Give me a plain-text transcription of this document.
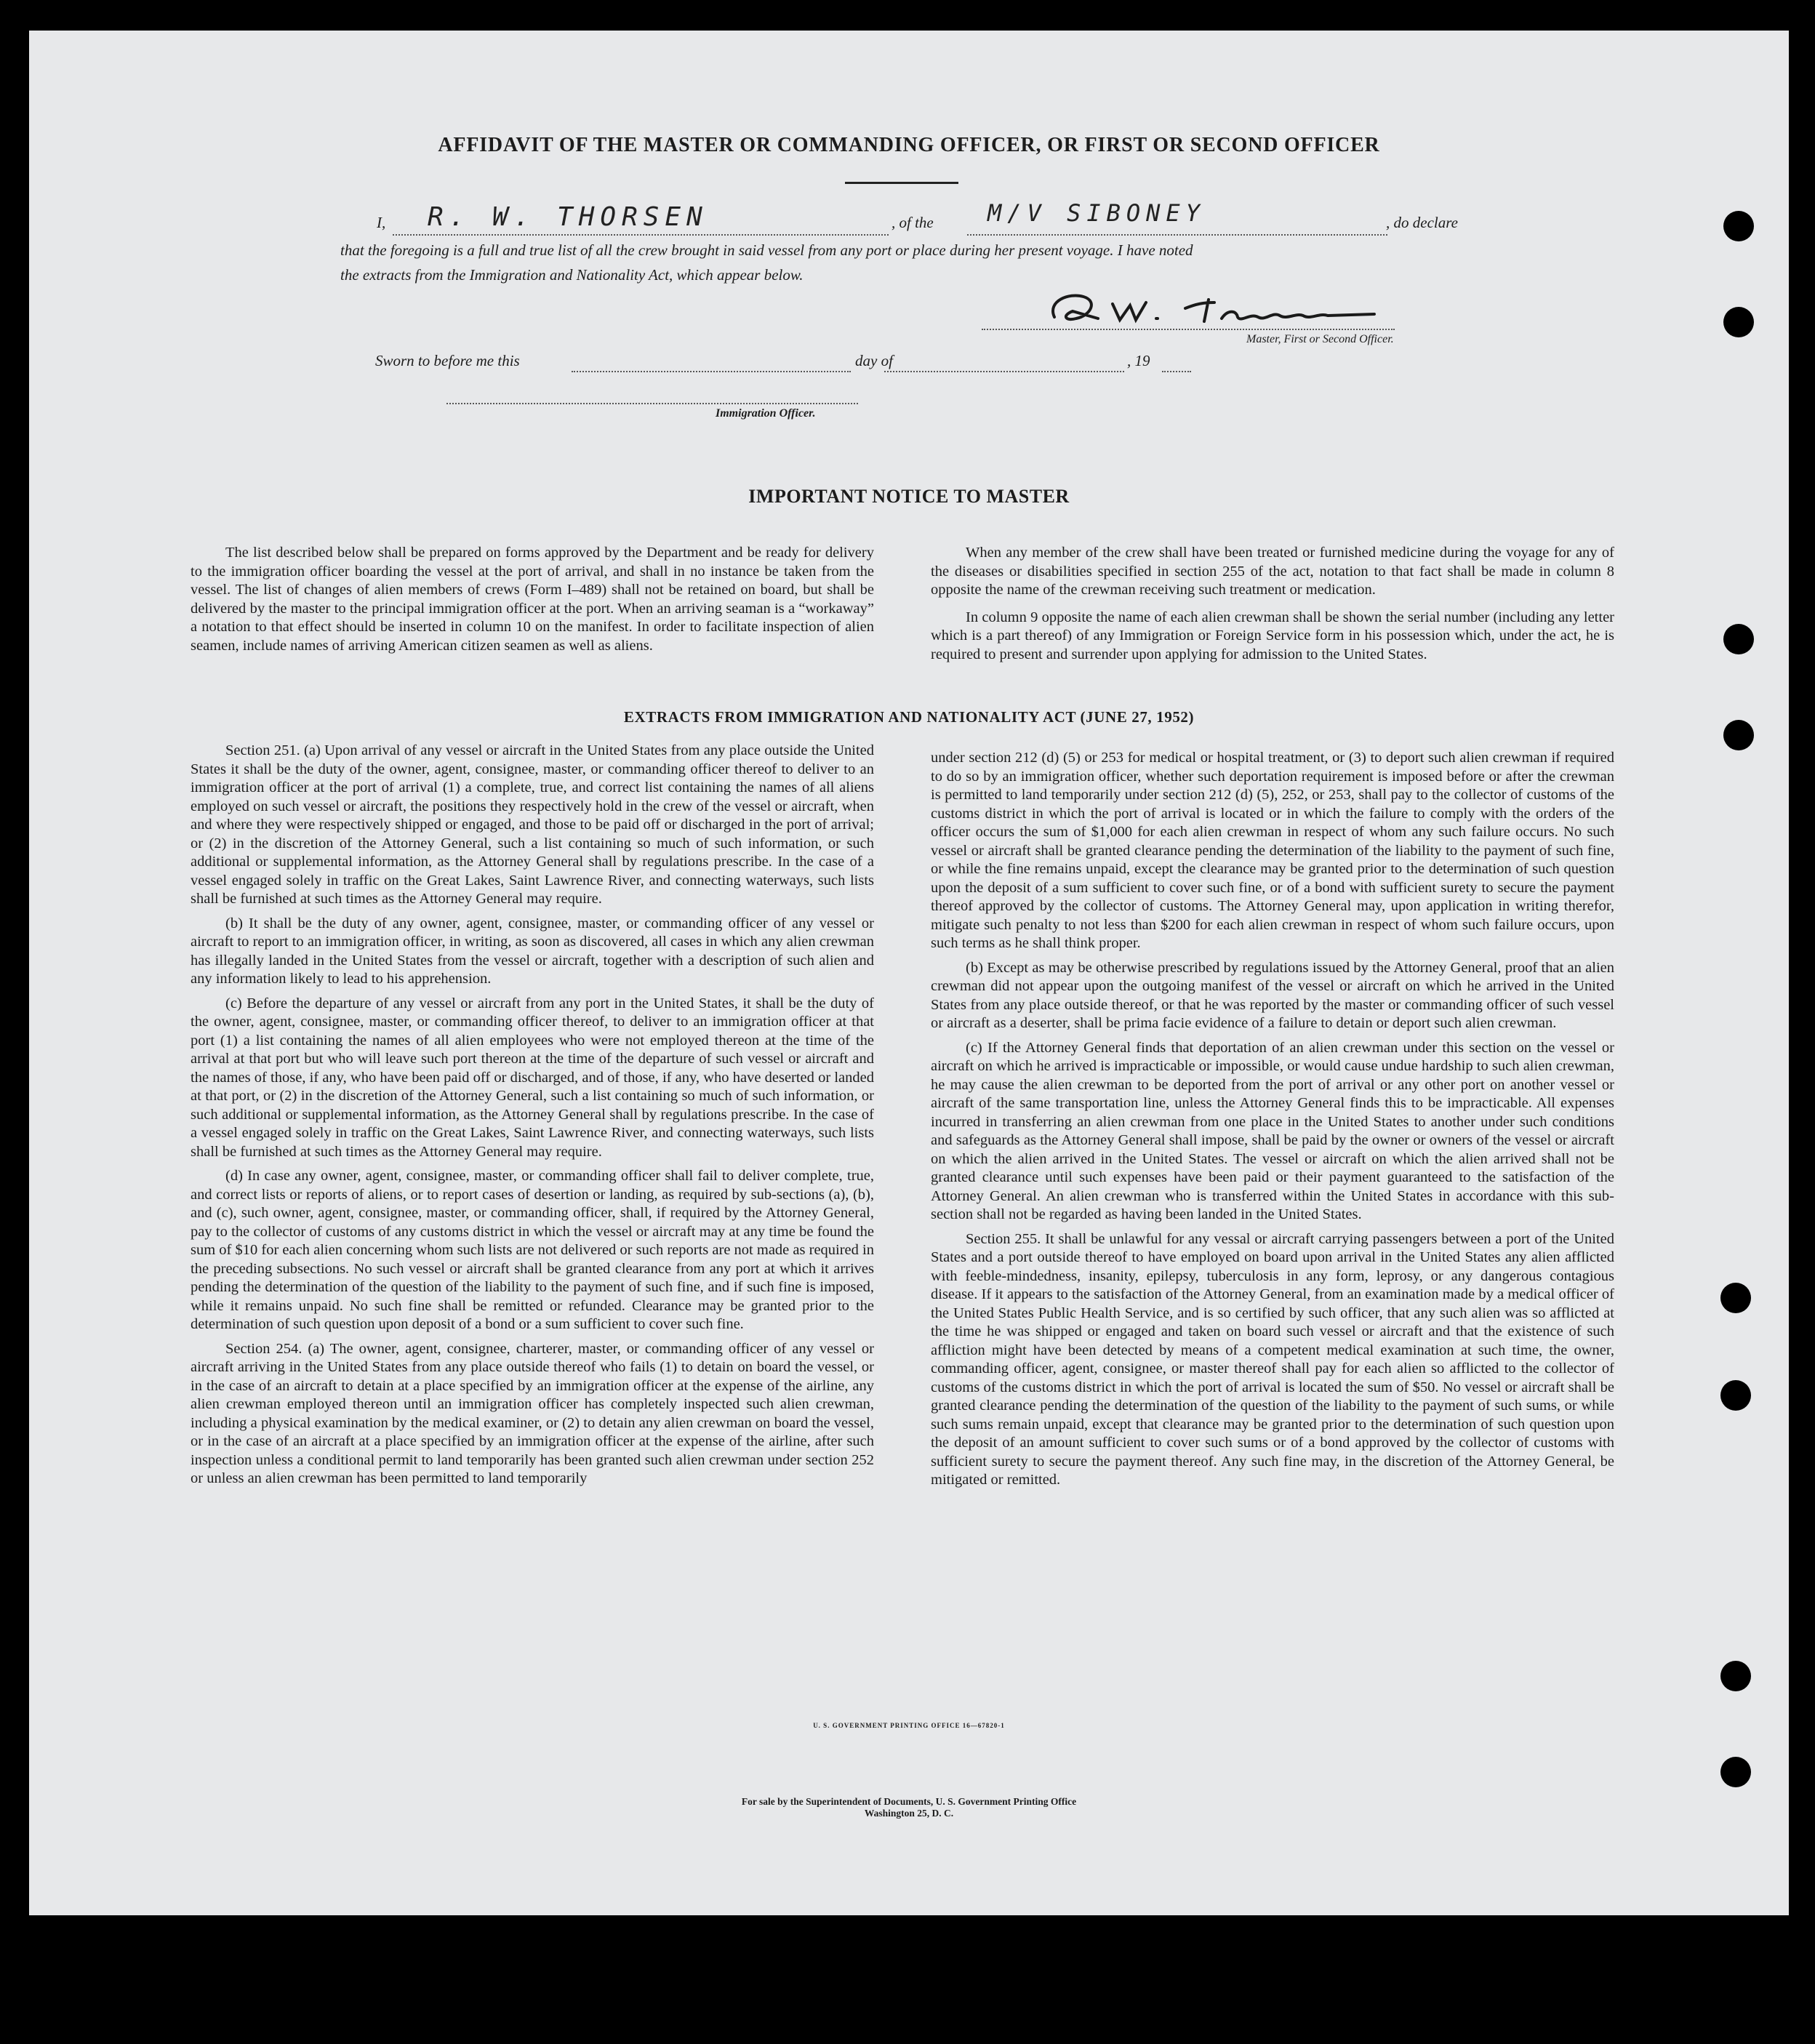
AFFIDAVIT OF THE MASTER OR COMMANDING OFFICER, OR FIRST OR SECOND OFFICER
I, R. W. THORSEN	, of the M/V SIBONEY	, do declare
that the foregoing is a full and true list of all the crew brought in said vessel from any port or place during her present voyage. I have noted
the extracts from the Immigration and Nationality Act, which appear below.
Master, First or Second Officer.
Sworn to before me this	day of	, 19
Immigration Officer.
IMPORTANT NOTICE TO MASTER

The list described below shall be prepared on forms approved by the Department and be ready for delivery to the immigration officer boarding the vessel at the port of arrival, and shall in no instance be taken from the vessel. The list of changes of alien members of crews (Form I–489) shall not be retained on board, but shall be delivered by the master to the principal immigration officer at the port. When an arriving seaman is a “workaway” a notation to that effect should be inserted in column 10 on the manifest. In order to facilitate inspection of alien seamen, include names of arriving American citizen seamen as well as aliens.

When any member of the crew shall have been treated or furnished medicine during the voyage for any of the diseases or disabilities specified in section 255 of the act, notation to that fact shall be made in column 8 opposite the name of the crewman receiving such treatment or medication.

In column 9 opposite the name of each alien crewman shall be shown the serial number (including any letter which is a part thereof) of any Immigration or Foreign Service form in his possession which, under the act, he is required to present and surrender upon applying for admission to the United States.

EXTRACTS FROM IMMIGRATION AND NATIONALITY ACT (JUNE 27, 1952)

Section 251. (a) Upon arrival of any vessel or aircraft in the United States from any place outside the United States it shall be the duty of the owner, agent, consignee, master, or commanding officer thereof to deliver to an immigration officer at the port of arrival (1) a complete, true, and correct list containing the names of all aliens employed on such vessel or aircraft, the positions they respectively hold in the crew of the vessel or aircraft, when and where they were respectively shipped or engaged, and those to be paid off or discharged in the port of arrival; or (2) in the discretion of the Attorney General, such a list containing so much of such information, or such additional or supplemental information, as the Attorney General shall by regulations prescribe. In the case of a vessel engaged solely in traffic on the Great Lakes, Saint Lawrence River, and connecting waterways, such lists shall be furnished at such times as the Attorney General may require.

(b) It shall be the duty of any owner, agent, consignee, master, or commanding officer of any vessel or aircraft to report to an immigration officer, in writing, as soon as discovered, all cases in which any alien crewman has illegally landed in the United States from the vessel or aircraft, together with a description of such alien and any information likely to lead to his apprehension.

(c) Before the departure of any vessel or aircraft from any port in the United States, it shall be the duty of the owner, agent, consignee, master, or commanding officer thereof, to deliver to an immigration officer at that port (1) a list containing the names of all alien employees who were not employed thereon at the time of the arrival at that port but who will leave such port thereon at the time of the departure of such vessel or aircraft and the names of those, if any, who have been paid off or discharged, and of those, if any, who have deserted or landed at that port, or (2) in the discretion of the Attorney General, such a list containing so much of such information, or such additional or supplemental information, as the Attorney General shall by regulations prescribe. In the case of a vessel engaged solely in traffic on the Great Lakes, Saint Lawrence River, and connecting waterways, such lists shall be furnished at such times as the Attorney General may require.

(d) In case any owner, agent, consignee, master, or commanding officer shall fail to deliver complete, true, and correct lists or reports of aliens, or to report cases of desertion or landing, as required by sub-sections (a), (b), and (c), such owner, agent, consignee, master, or commanding officer, shall, if required by the Attorney General, pay to the collector of customs of any customs district in which the vessel or aircraft may at any time be found the sum of $10 for each alien concerning whom such lists are not delivered or such reports are not made as required in the preceding subsections. No such vessel or aircraft shall be granted clearance from any port at which it arrives pending the determination of the question of the liability to the payment of such fine, and if such fine is imposed, while it remains unpaid. No such fine shall be remitted or refunded. Clearance may be granted prior to the determination of such question upon deposit of a bond or a sum sufficient to cover such fine.

Section 254. (a) The owner, agent, consignee, charterer, master, or commanding officer of any vessel or aircraft arriving in the United States from any place outside thereof who fails (1) to detain on board the vessel, or in the case of an aircraft to detain at a place specified by an immigration officer at the expense of the airline, any alien crewman employed thereon until an immigration officer has completely inspected such alien crewman, including a physical examination by the medical examiner, or (2) to detain any alien crewman on board the vessel, or in the case of an aircraft at a place specified by an immigration officer at the expense of the airline, after such inspection unless a conditional permit to land temporarily has been granted such alien crewman under section 252 or unless an alien crewman has been permitted to land temporarily

under section 212 (d) (5) or 253 for medical or hospital treatment, or (3) to deport such alien crewman if required to do so by an immigration officer, whether such deportation requirement is imposed before or after the crewman is permitted to land temporarily under section 212 (d) (5), 252, or 253, shall pay to the collector of customs of the customs district in which the port of arrival is located or in which the failure to comply with the orders of the officer occurs the sum of $1,000 for each alien crewman in respect of whom any such failure occurs. No such vessel or aircraft shall be granted clearance pending the determination of the liability to the payment of such fine, or while the fine remains unpaid, except the clearance may be granted prior to the determination of such question upon the deposit of a sum sufficient to cover such fine, or of a bond with sufficient surety to secure the payment thereof approved by the collector of customs. The Attorney General may, upon application in writing therefor, mitigate such penalty to not less than $200 for each alien crewman in respect of whom such failure occurs, upon such terms as he shall think proper.

(b) Except as may be otherwise prescribed by regulations issued by the Attorney General, proof that an alien crewman did not appear upon the outgoing manifest of the vessel or aircraft on which he arrived in the United States from any place outside thereof, or that he was reported by the master or commanding officer of such vessel or aircraft as a deserter, shall be prima facie evidence of a failure to detain or deport such alien crewman.

(c) If the Attorney General finds that deportation of an alien crewman under this section on the vessel or aircraft on which he arrived is impracticable or impossible, or would cause undue hardship to such alien crewman, he may cause the alien crewman to be deported from the port of arrival or any other port on another vessel or aircraft of the same transportation line, unless the Attorney General finds this to be impracticable. All expenses incurred in transferring an alien crewman from one place in the United States to another under such conditions and safeguards as the Attorney General shall impose, shall be paid by the owner or owners of the vessel or aircraft on which the alien arrived in the United States. The vessel or aircraft on which the alien arrived shall not be granted clearance until such expenses have been paid or their payment guaranteed to the satisfaction of the Attorney General. An alien crewman who is transferred within the United States in accordance with this sub-section shall not be regarded as having been landed in the United States.

Section 255. It shall be unlawful for any vessal or aircraft carrying passengers between a port of the United States and a port outside thereof to have employed on board upon arrival in the United States any alien afflicted with feeble-mindedness, insanity, epilepsy, tuberculosis in any form, leprosy, or any dangerous contagious disease. If it appears to the satisfaction of the Attorney General, from an examination made by a medical officer of the United States Public Health Service, and is so certified by such officer, that any such alien was so afflicted at the time he was shipped or engaged and taken on board such vessel or aircraft and that the existence of such affliction might have been detected by means of a competent medical examination at such time, the owner, commanding officer, agent, consignee, or master thereof shall pay for each alien so afflicted to the collector of customs of the customs district in which the port of arrival is located the sum of $50. No vessel or aircraft shall be granted clearance pending the determination of the question of the liability to the payment of such sums, or while such sums remain unpaid, except that clearance may be granted prior to the determination of such question upon the deposit of an amount sufficient to cover such sums or of a bond approved by the collector of customs with sufficient surety to secure the payment thereof. Any such fine may, in the discretion of the Attorney General, be mitigated or remitted.

U. S. GOVERNMENT PRINTING OFFICE 16—67820-1
For sale by the Superintendent of Documents, U. S. Government Printing Office
Washington 25, D. C.
